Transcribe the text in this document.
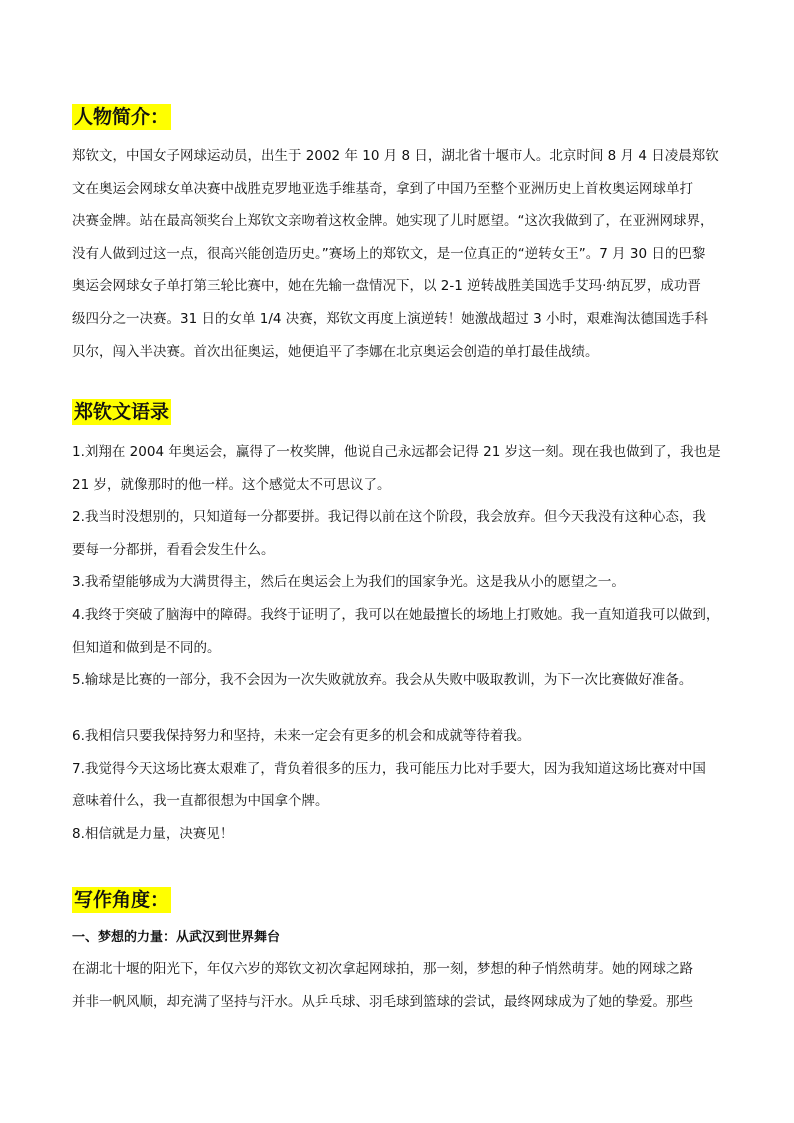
人物简介：
郑钦文，中国女子网球运动员，出生于 2002 年 10 月 8 日，湖北省十堰市人。北京时间 8 月 4 日凌晨郑钦
文在奥运会网球女单决赛中战胜克罗地亚选手维基奇，拿到了中国乃至整个亚洲历史上首枚奥运网球单打
决赛金牌。站在最高领奖台上郑钦文亲吻着这枚金牌。她实现了儿时愿望。“这次我做到了，在亚洲网球界，
没有人做到过这一点，很高兴能创造历史。”赛场上的郑钦文，是一位真正的“逆转女王”。7 月 30 日的巴黎
奥运会网球女子单打第三轮比赛中，她在先输一盘情况下，以 2-1 逆转战胜美国选手艾玛·纳瓦罗，成功晋
级四分之一决赛。31 日的女单 1/4 决赛，郑钦文再度上演逆转！她激战超过 3 小时，艰难淘汰德国选手科
贝尔，闯入半决赛。首次出征奥运，她便追平了李娜在北京奥运会创造的单打最佳战绩。
郑钦文语录
1.刘翔在 2004 年奥运会，赢得了一枚奖牌，他说自己永远都会记得 21 岁这一刻。现在我也做到了，我也是
21 岁，就像那时的他一样。这个感觉太不可思议了。
2.我当时没想别的，只知道每一分都要拼。我记得以前在这个阶段，我会放弃。但今天我没有这种心态，我
要每一分都拼，看看会发生什么。
3.我希望能够成为大满贯得主，然后在奥运会上为我们的国家争光。这是我从小的愿望之一。
4.我终于突破了脑海中的障碍。我终于证明了，我可以在她最擅长的场地上打败她。我一直知道我可以做到，
但知道和做到是不同的。
5.输球是比赛的一部分，我不会因为一次失败就放弃。我会从失败中吸取教训，为下一次比赛做好准备。
6.我相信只要我保持努力和坚持，未来一定会有更多的机会和成就等待着我。
7.我觉得今天这场比赛太艰难了，背负着很多的压力，我可能压力比对手要大，因为我知道这场比赛对中国
意味着什么，我一直都很想为中国拿个牌。
8.相信就是力量，决赛见！
写作角度：
一、梦想的力量：从武汉到世界舞台
在湖北十堰的阳光下，年仅六岁的郑钦文初次拿起网球拍，那一刻，梦想的种子悄然萌芽。她的网球之路
并非一帆风顺，却充满了坚持与汗水。从乒乓球、羽毛球到篮球的尝试，最终网球成为了她的挚爱。那些
